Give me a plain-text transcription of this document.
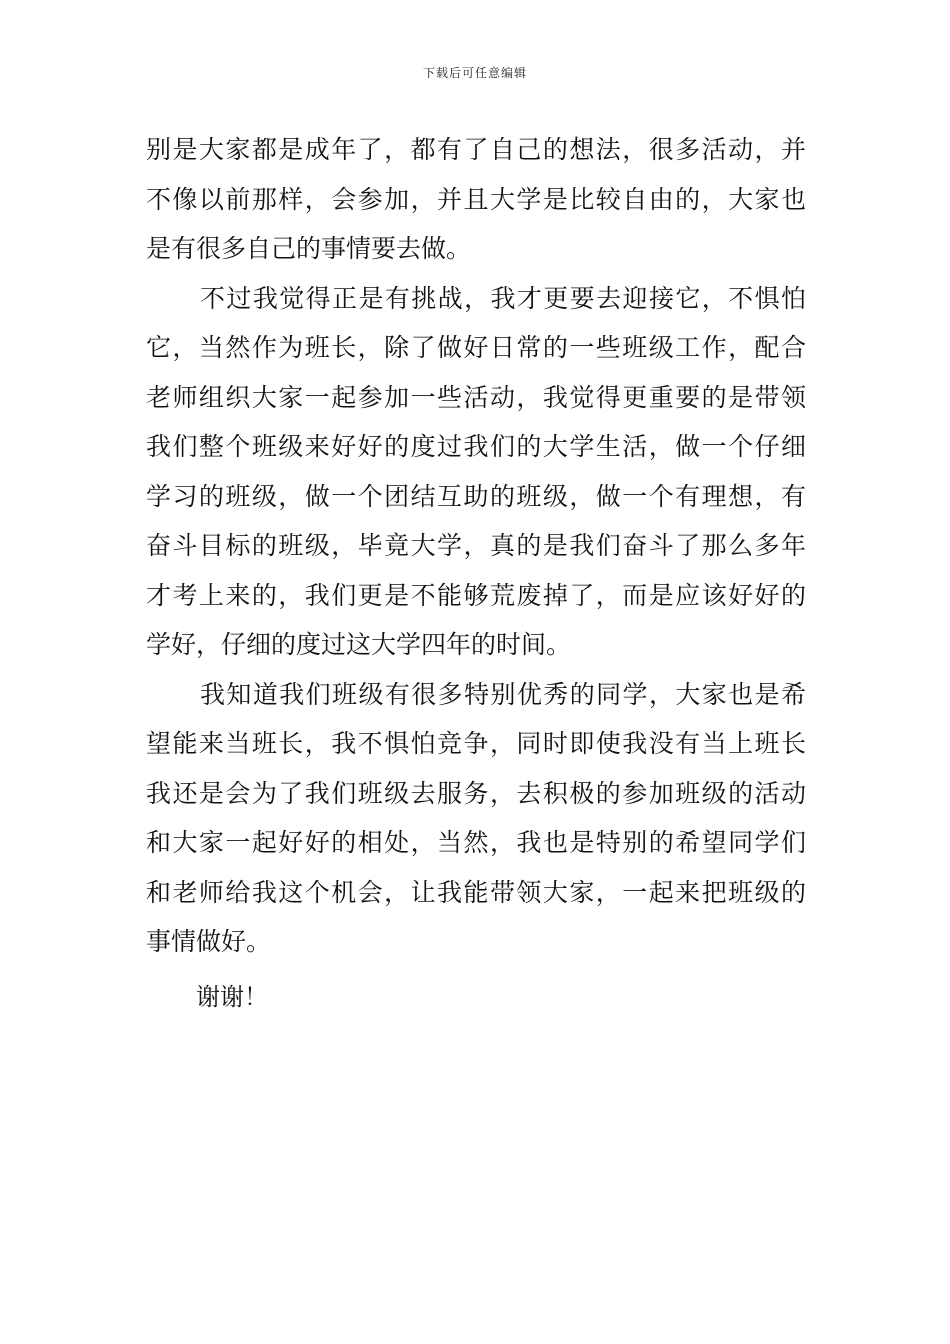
下载后可任意编辑
别是大家都是成年了，都有了自己的想法，很多活动，并
不像以前那样，会参加，并且大学是比较自由的，大家也
是有很多自己的事情要去做。
不过我觉得正是有挑战，我才更要去迎接它，不惧怕
它，当然作为班长，除了做好日常的一些班级工作，配合
老师组织大家一起参加一些活动，我觉得更重要的是带领
我们整个班级来好好的度过我们的大学生活，做一个仔细
学习的班级，做一个团结互助的班级，做一个有理想，有
奋斗目标的班级，毕竟大学，真的是我们奋斗了那么多年
才考上来的，我们更是不能够荒废掉了，而是应该好好的
学好，仔细的度过这大学四年的时间。
我知道我们班级有很多特别优秀的同学，大家也是希
望能来当班长，我不惧怕竞争，同时即使我没有当上班长
我还是会为了我们班级去服务，去积极的参加班级的活动
和大家一起好好的相处，当然，我也是特别的希望同学们
和老师给我这个机会，让我能带领大家，一起来把班级的
事情做好。
谢谢！
